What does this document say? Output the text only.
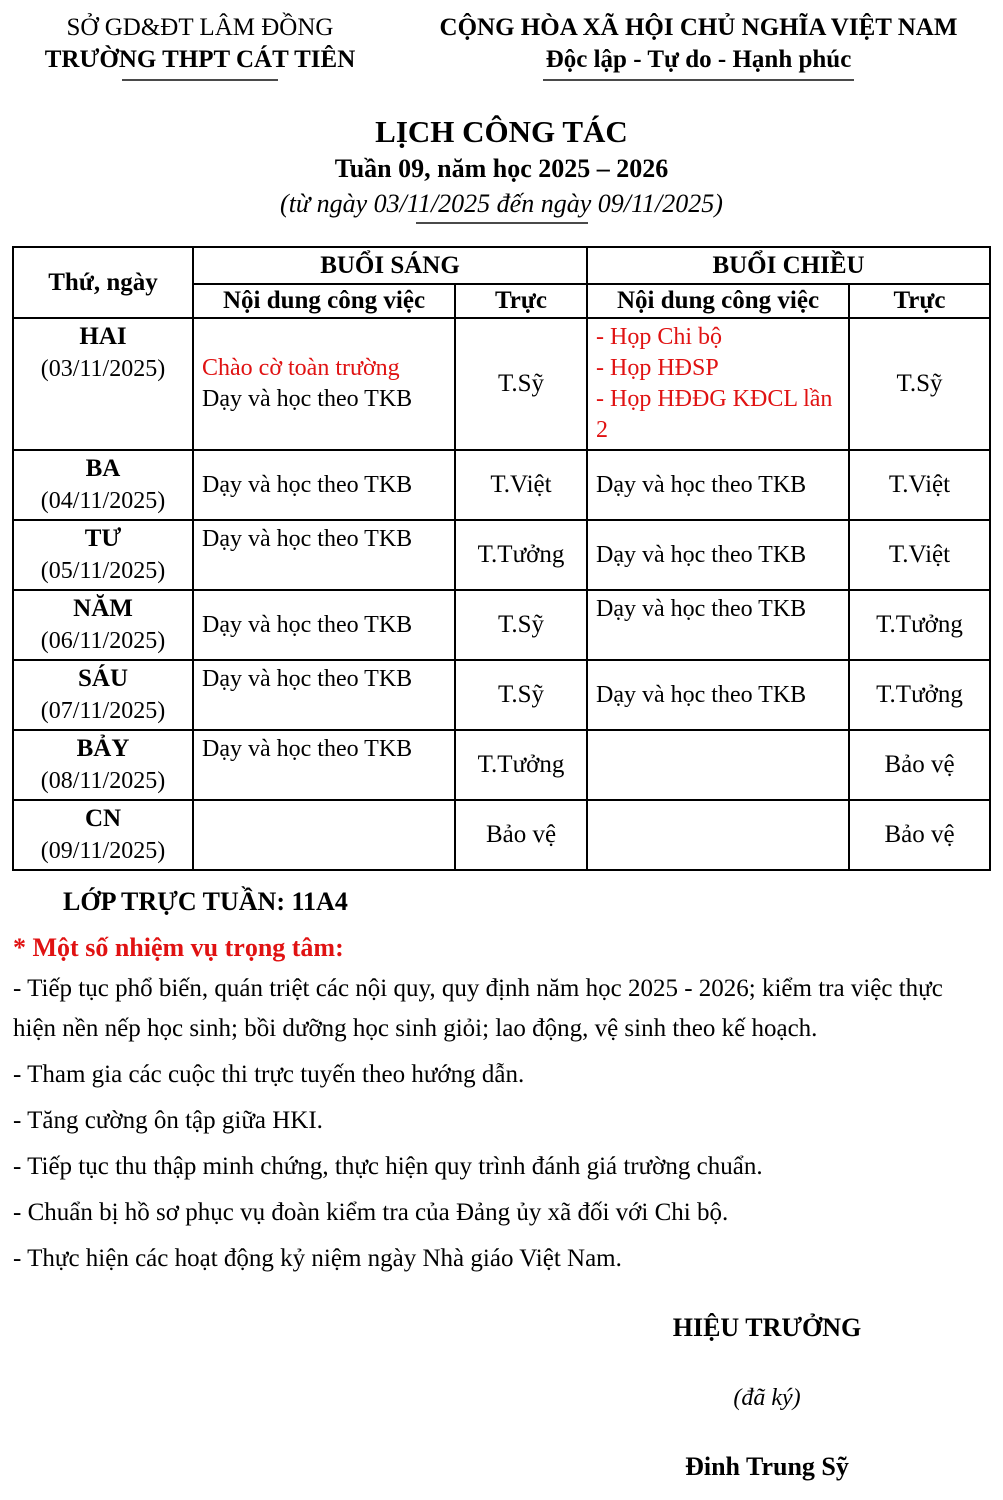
SỞ GD&ĐT LÂM ĐỒNG
TRƯỜNG THPT CÁT TIÊN
CỘNG HÒA XÃ HỘI CHỦ NGHĨA VIỆT NAM
Độc lập - Tự do - Hạnh phúc
LỊCH CÔNG TÁC
Tuần 09, năm học 2025 – 2026
(từ ngày 03/11/2025 đến ngày 09/11/2025)
Thứ, ngày	BUỔI SÁNG		BUỔI CHIỀU	
	Nội dung công việc	Trực	Nội dung công việc	Trực

HAI
(03/11/2025)	Chào cờ toàn trường
Dạy và học theo TKB
	T.Sỹ	
- Họp Chi bộ
- Họp HĐSP
- Họp HĐĐG KĐCL lần 2
	T.Sỹ

BA
(04/11/2025)	Dạy và học theo TKB	T.Việt	Dạy và học theo TKB	T.Việt

TƯ
(05/11/2025)	Dạy và học theo TKB	T.Tưởng	Dạy và học theo TKB	T.Việt

NĂM
(06/11/2025)	Dạy và học theo TKB	T.Sỹ	Dạy và học theo TKB	T.Tưởng

SÁU
(07/11/2025)	Dạy và học theo TKB	T.Sỹ	Dạy và học theo TKB	T.Tưởng

BẢY
(08/11/2025)	Dạy và học theo TKB	T.Tưởng		Bảo vệ

CN
(09/11/2025)		Bảo vệ		Bảo vệ
LỚP TRỰC TUẦN: 11A4
* Một số nhiệm vụ trọng tâm:
- Tiếp tục phổ biến, quán triệt các nội quy, quy định năm học 2025 - 2026; kiểm tra việc thực hiện nền nếp học sinh; bồi dưỡng học sinh giỏi; lao động, vệ sinh theo kế hoạch.
- Tham gia các cuộc thi trực tuyến theo hướng dẫn.
- Tăng cường ôn tập giữa HKI.
- Tiếp tục thu thập minh chứng, thực hiện quy trình đánh giá trường chuẩn.
- Chuẩn bị hồ sơ phục vụ đoàn kiểm tra của Đảng ủy xã đối với Chi bộ.
- Thực hiện các hoạt động kỷ niệm ngày Nhà giáo Việt Nam.
HIỆU TRƯỞNG
(đã ký)
Đinh Trung Sỹ
